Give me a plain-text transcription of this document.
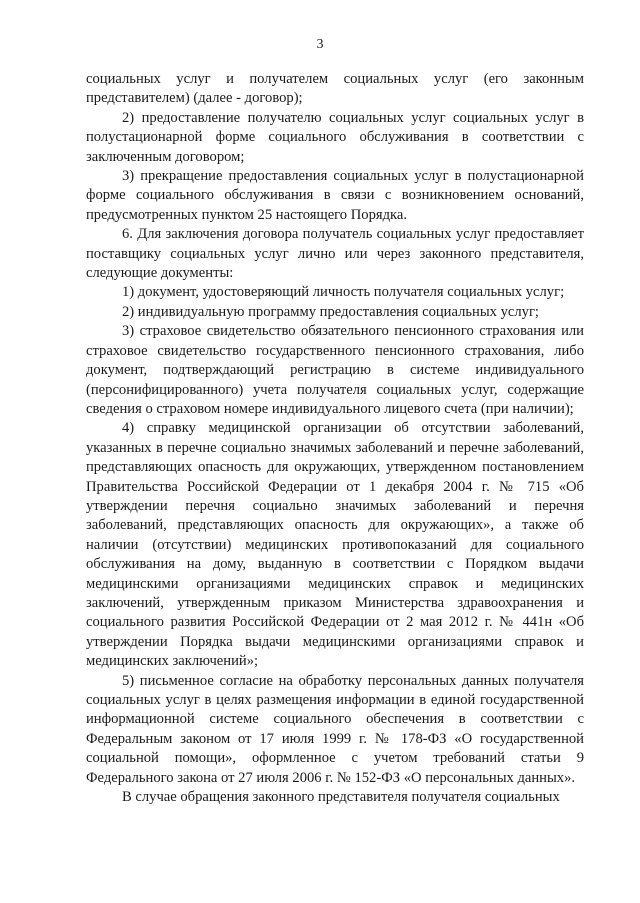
3

социальных услуг и получателем социальных услуг (его законным представителем) (далее - договор);

2) предоставление получателю социальных услуг социальных услуг в полустационарной форме социального обслуживания в соответствии с заключенным договором;

3) прекращение предоставления социальных услуг в полустационарной форме социального обслуживания в связи с возникновением оснований, предусмотренных пунктом 25 настоящего Порядка.

6. Для заключения договора получатель социальных услуг предоставляет поставщику социальных услуг лично или через законного представителя, следующие документы:

1) документ, удостоверяющий личность получателя социальных услуг;

2) индивидуальную программу предоставления социальных услуг;

3) страховое свидетельство обязательного пенсионного страхования или страховое свидетельство государственного пенсионного страхования, либо документ, подтверждающий регистрацию в системе индивидуального (персонифицированного) учета получателя социальных услуг, содержащие сведения о страховом номере индивидуального лицевого счета (при наличии);

4) справку медицинской организации об отсутствии заболеваний, указанных в перечне социально значимых заболеваний и перечне заболеваний, представляющих опасность для окружающих, утвержденном постановлением Правительства Российской Федерации от 1 декабря 2004 г. № 715 «Об утверждении перечня социально значимых заболеваний и перечня заболеваний, представляющих опасность для окружающих», а также об наличии (отсутствии) медицинских противопоказаний для социального обслуживания на дому, выданную в соответствии с Порядком выдачи медицинскими организациями медицинских справок и медицинских заключений, утвержденным приказом Министерства здравоохранения и социального развития Российской Федерации от 2 мая 2012 г. № 441н «Об утверждении Порядка выдачи медицинскими организациями справок и медицинских заключений»;

5) письменное согласие на обработку персональных данных получателя социальных услуг в целях размещения информации в единой государственной информационной системе социального обеспечения в соответствии с Федеральным законом от 17 июля 1999 г. № 178-ФЗ «О государственной социальной помощи», оформленное с учетом требований статьи 9 Федерального закона от 27 июля 2006 г. № 152-ФЗ «О персональных данных».

В случае обращения законного представителя получателя социальных
